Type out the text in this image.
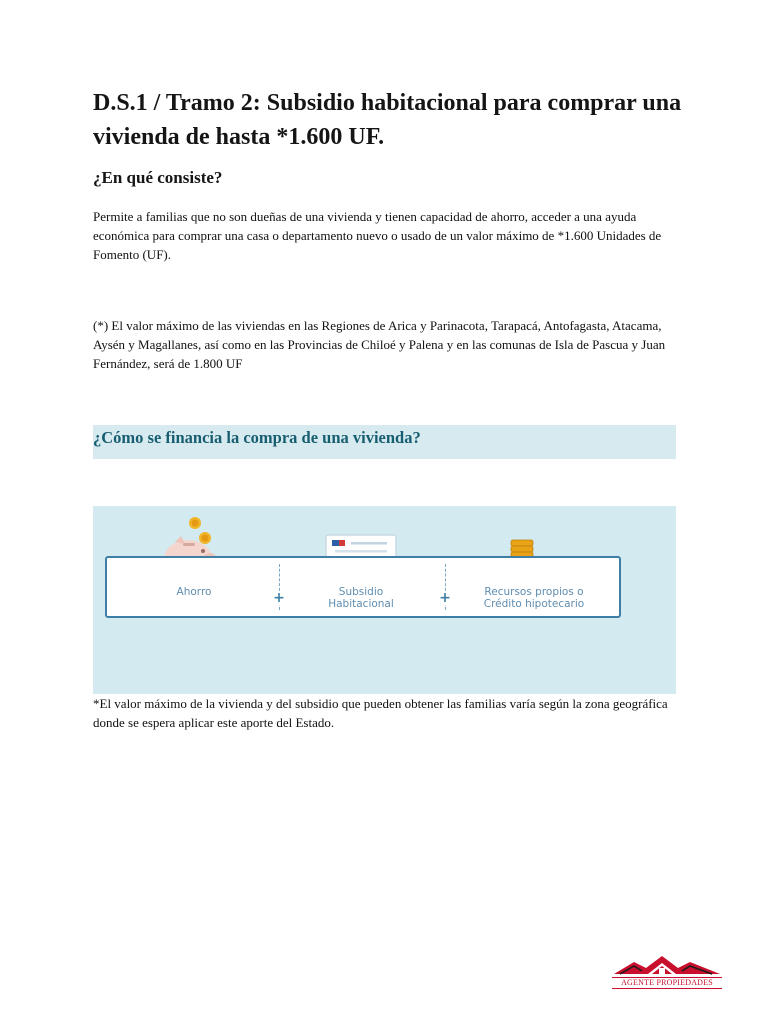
D.S.1 / Tramo 2: Subsidio habitacional para comprar una vivienda de hasta *1.600 UF.
¿En qué consiste?

Permite a familias que no son dueñas de una vivienda y tienen capacidad de ahorro, acceder a una ayuda económica para comprar una casa o departamento nuevo o usado de un valor máximo de *1.600 Unidades de Fomento (UF).

(*) El valor máximo de las viviendas en las Regiones de Arica y Parinacota, Tarapacá, Antofagasta, Atacama, Aysén y Magallanes, así como en las Provincias de Chiloé y Palena y en las comunas de Isla de Pascua y Juan Fernández, será de 1.800 UF

¿Cómo se financia la compra de una vivienda?
+	+
Ahorro	Subsidio Habitacional
Recursos propios o Crédito hipotecario

*El valor máximo de la vivienda y del subsidio que pueden obtener las familias varía según la zona geográfica donde se espera aplicar este aporte del Estado.

AGENTE PROPIEDADES
